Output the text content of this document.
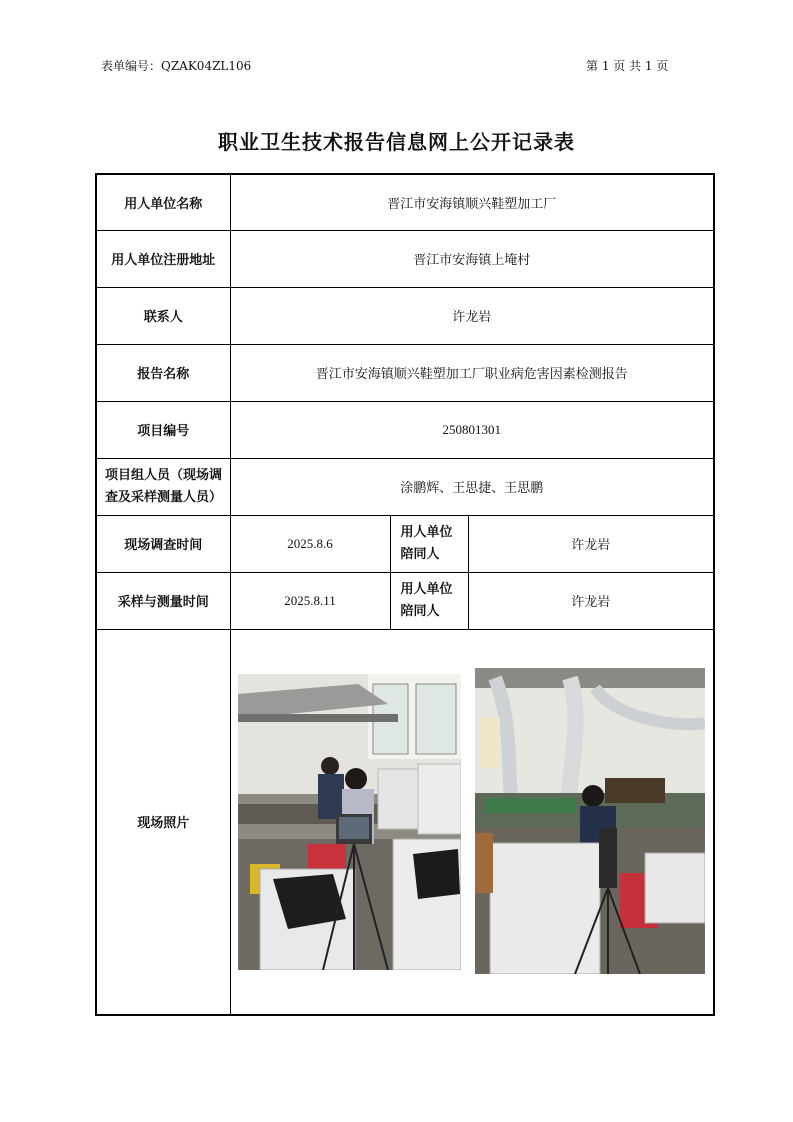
表单编号：QZAK04ZL106	第 1 页 共 1 页
职业卫生技术报告信息网上公开记录表
用人单位名称	晋江市安海镇顺兴鞋塑加工厂		
用人单位注册地址	晋江市安海镇上埯村		
联系人	许龙岩		
报告名称	晋江市安海镇顺兴鞋塑加工厂职业病危害因素检测报告		
项目编号	250801301		
项目组人员（现场调查及采样测量人员）	涂鹏辉、王思捷、王思鹏		
现场调查时间	2025.8.6	用人单位陪同人	许龙岩
采样与测量时间	2025.8.11	用人单位陪同人	许龙岩
现场照片	
